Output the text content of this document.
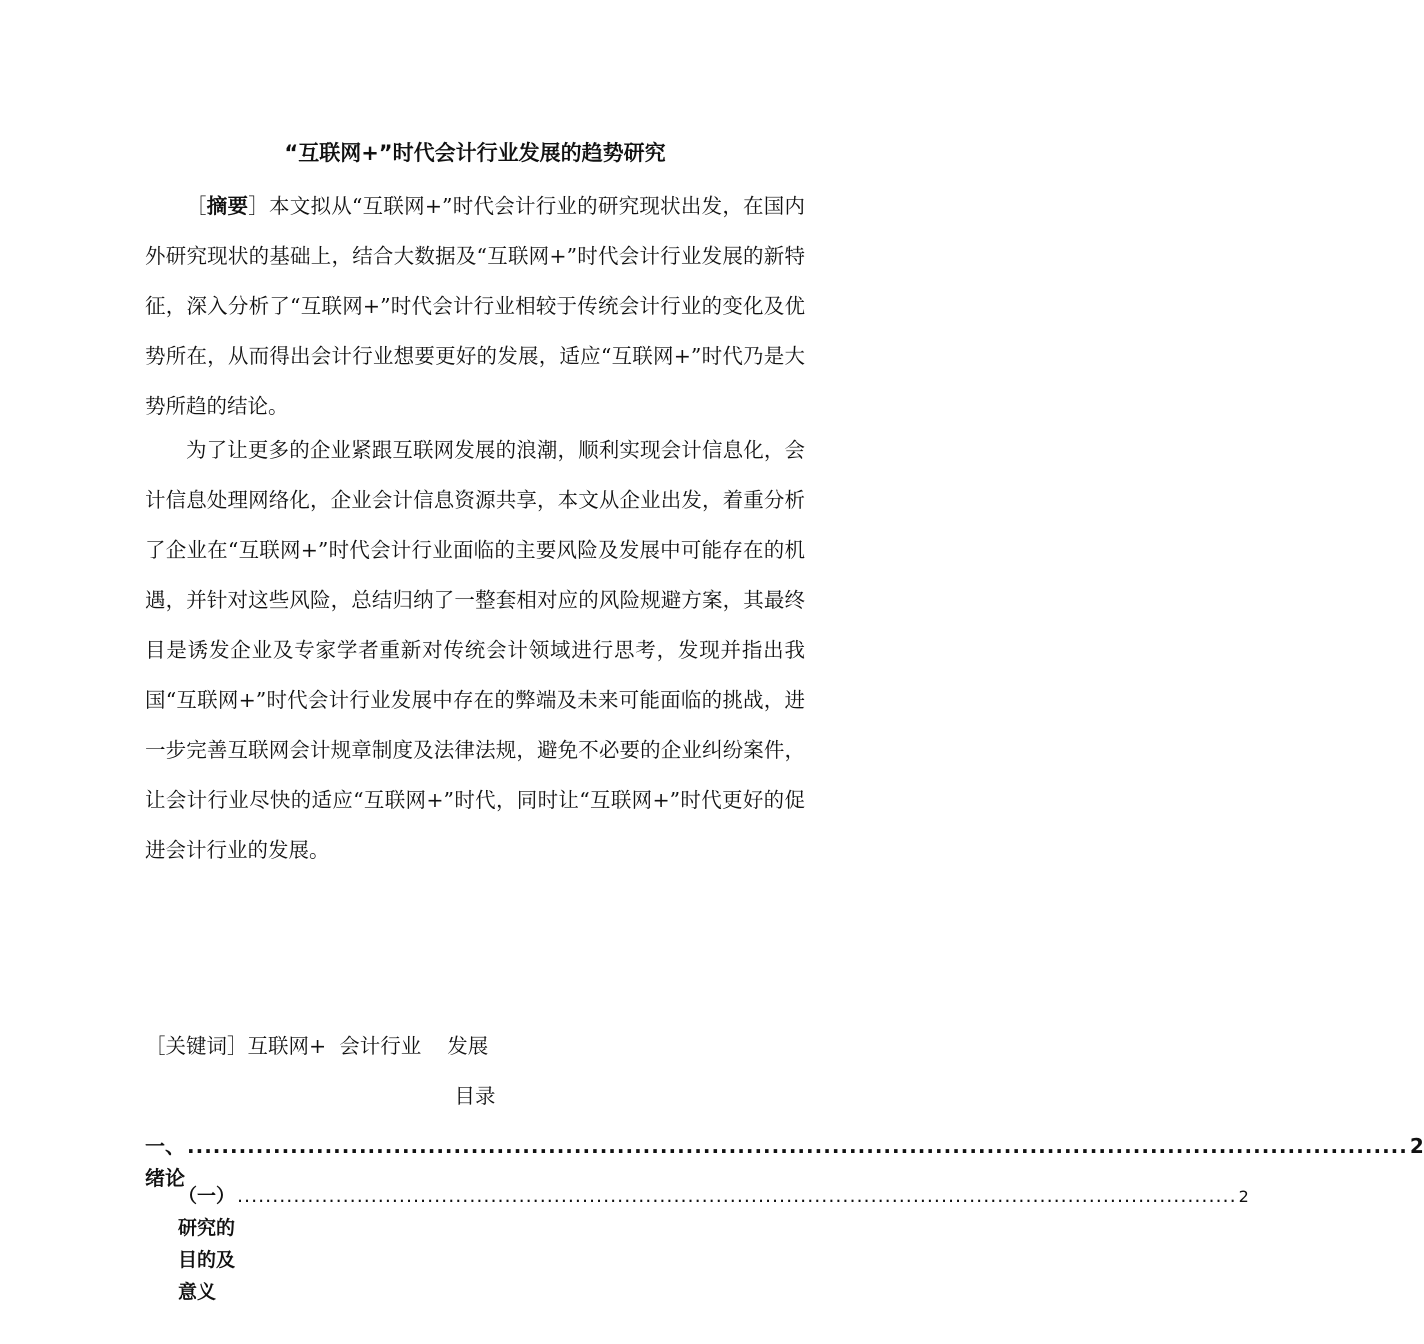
“互联网+”时代会计行业发展的趋势研究

［摘要］本文拟从“互联网+”时代会计行业的研究现状出发，在国内外研究现状的基础上，结合大数据及“互联网+”时代会计行业发展的新特征，深入分析了“互联网+”时代会计行业相较于传统会计行业的变化及优势所在，从而得出会计行业想要更好的发展，适应“互联网+”时代乃是大势所趋的结论。

为了让更多的企业紧跟互联网发展的浪潮，顺利实现会计信息化，会计信息处理网络化，企业会计信息资源共享，本文从企业出发，着重分析了企业在“互联网+”时代会计行业面临的主要风险及发展中可能存在的机遇，并针对这些风险，总结归纳了一整套相对应的风险规避方案，其最终目是诱发企业及专家学者重新对传统会计领域进行思考，发现并指出我国“互联网+”时代会计行业发展中存在的弊端及未来可能面临的挑战，进一步完善互联网会计规章制度及法律法规，避免不必要的企业纠纷案件，让会计行业尽快的适应“互联网+”时代，同时让“互联网+”时代更好的促进会计行业的发展。

［关键词］互联网+  会计行业    发展
目录
一、绪论
.............................................................................................................................................. 2
（一）研究的目的及意义
.............................................................................................................................................. 2
